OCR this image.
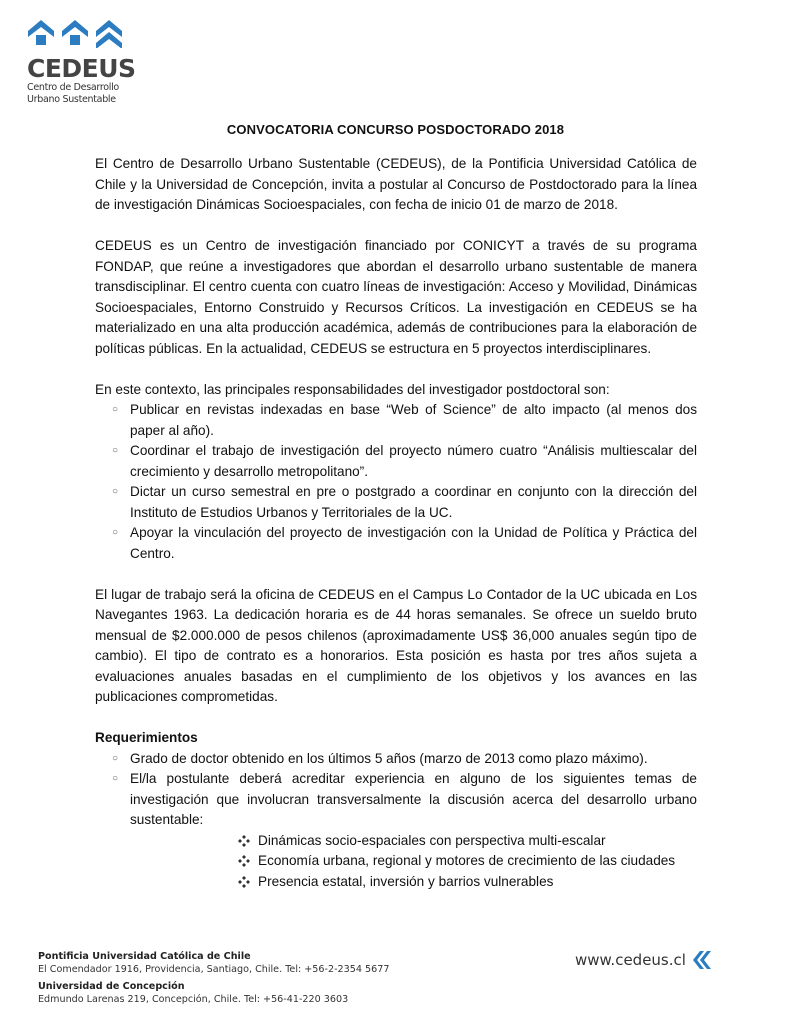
CEDEUS
Centro de Desarrollo
Urbano Sustentable
CONVOCATORIA CONCURSO POSDOCTORADO 2018

El Centro de Desarrollo Urbano Sustentable (CEDEUS), de la Pontificia Universidad Católica de Chile y la Universidad de Concepción, invita a postular al Concurso de Postdoctorado para la línea de investigación Dinámicas Socioespaciales, con fecha de inicio 01 de marzo de 2018.

CEDEUS es un Centro de investigación financiado por CONICYT a través de su programa FONDAP, que reúne a investigadores que abordan el desarrollo urbano sustentable de manera transdisciplinar. El centro cuenta con cuatro líneas de investigación: Acceso y Movilidad, Dinámicas Socioespaciales, Entorno Construido y Recursos Críticos. La investigación en CEDEUS se ha materializado en una alta producción académica, además de contribuciones para la elaboración de políticas públicas. En la actualidad, CEDEUS se estructura en 5 proyectos interdisciplinares.

En este contexto, las principales responsabilidades del investigador postdoctoral son:

○ Publicar en revistas indexadas en base “Web of Science” de alto impacto (al menos dos paper al año).
○ Coordinar el trabajo de investigación del proyecto número cuatro “Análisis multiescalar del crecimiento y desarrollo metropolitano”.
○ Dictar un curso semestral en pre o postgrado a coordinar en conjunto con la dirección del Instituto de Estudios Urbanos y Territoriales de la UC.
○ Apoyar la vinculación del proyecto de investigación con la Unidad de Política y Práctica del Centro.

El lugar de trabajo será la oficina de CEDEUS en el Campus Lo Contador de la UC ubicada en Los Navegantes 1963. La dedicación horaria es de 44 horas semanales. Se ofrece un sueldo bruto mensual de $2.000.000 de pesos chilenos (aproximadamente US$ 36,000 anuales según tipo de cambio). El tipo de contrato es a honorarios. Esta posición es hasta por tres años sujeta a evaluaciones anuales basadas en el cumplimiento de los objetivos y los avances en las publicaciones comprometidas.

Requerimientos

○ Grado de doctor obtenido en los últimos 5 años (marzo de 2013 como plazo máximo).
○ El/la postulante deberá acreditar experiencia en alguno de los siguientes temas de investigación que involucran transversalmente la discusión acerca del desarrollo urbano sustentable:
Dinámicas socio-espaciales con perspectiva multi-escalar
Economía urbana, regional y motores de crecimiento de las ciudades
Presencia estatal, inversión y barrios vulnerables
Pontificia Universidad Católica de Chile
El Comendador 1916, Providencia, Santiago, Chile. Tel: +56-2-2354 5677
Universidad de Concepción
Edmundo Larenas 219, Concepción, Chile. Tel: +56-41-220 3603
www.cedeus.cl
